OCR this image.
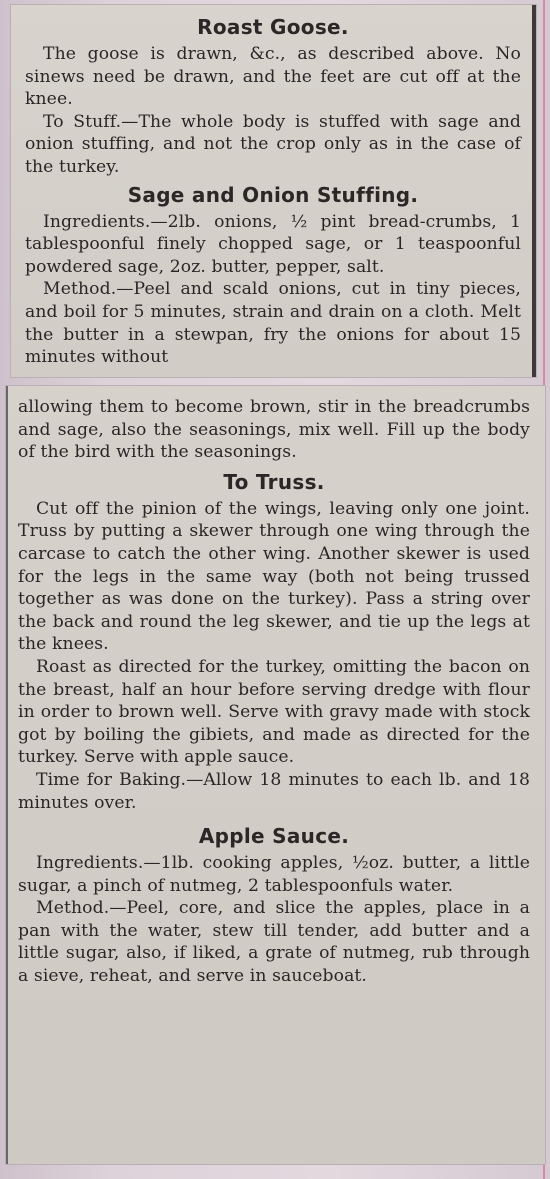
Roast Goose.

The goose is drawn, &c., as described above. No sinews need be drawn, and the feet are cut off at the knee.

To Stuff.—The whole body is stuffed with sage and onion stuffing, and not the crop only as in the case of the turkey.

Sage and Onion Stuffing.

Ingredients.—2lb. onions, ½ pint bread-crumbs, 1 tablespoonful finely chopped sage, or 1 teaspoonful powdered sage, 2oz. butter, pepper, salt.

Method.—Peel and scald onions, cut in tiny pieces, and boil for 5 minutes, strain and drain on a cloth. Melt the butter in a stewpan, fry the onions for about 15 minutes without

allowing them to become brown, stir in the breadcrumbs and sage, also the seasonings, mix well. Fill up the body of the bird with the seasonings.

To Truss.

Cut off the pinion of the wings, leaving only one joint. Truss by putting a skewer through one wing through the carcase to catch the other wing. Another skewer is used for the legs in the same way (both not being trussed together as was done on the turkey). Pass a string over the back and round the leg skewer, and tie up the legs at the knees.

Roast as directed for the turkey, omitting the bacon on the breast, half an hour before serving dredge with flour in order to brown well. Serve with gravy made with stock got by boiling the gibiets, and made as directed for the turkey. Serve with apple sauce.

Time for Baking.—Allow 18 minutes to each lb. and 18 minutes over.

Apple Sauce.

Ingredients.—1lb. cooking apples, ½oz. butter, a little sugar, a pinch of nutmeg, 2 tablespoonfuls water.

Method.—Peel, core, and slice the apples, place in a pan with the water, stew till tender, add butter and a little sugar, also, if liked, a grate of nutmeg, rub through a sieve, reheat, and serve in sauceboat.
